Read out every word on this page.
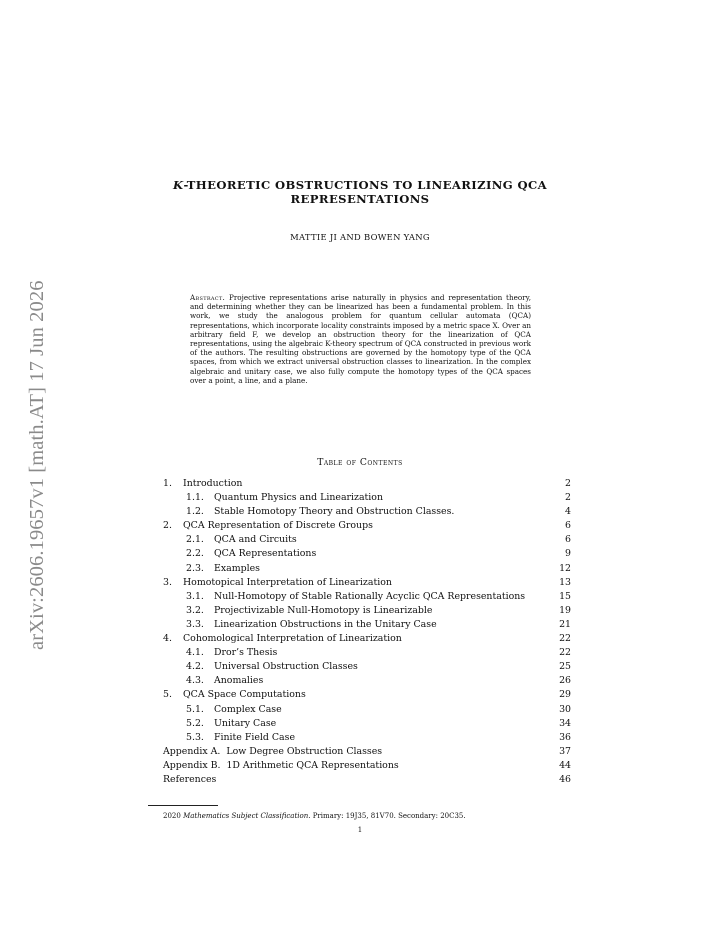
arXiv:2606.19657v1 [math.AT] 17 Jun 2026
K-THEORETIC OBSTRUCTIONS TO LINEARIZING QCA
REPRESENTATIONS
MATTIE JI AND BOWEN YANG
Abstract. Projective representations arise naturally in physics and representation theory, and determining whether they can be linearized has been a fundamental problem. In this work, we study the analogous problem for quantum cellular automata (QCA) representations, which incorporate locality constraints imposed by a metric space X. Over an arbitrary field F, we develop an obstruction theory for the linearization of QCA representations, using the algebraic K-theory spectrum of QCA constructed in previous work of the authors. The resulting obstructions are governed by the homotopy type of the QCA spaces, from which we extract universal obstruction classes to linearization. In the complex algebraic and unitary case, we also fully compute the homotopy types of the QCA spaces over a point, a line, and a plane.
Table of Contents
1. Introduction	2
1.1. Quantum Physics and Linearization	2
1.2. Stable Homotopy Theory and Obstruction Classes.	4
2. QCA Representation of Discrete Groups	6
2.1. QCA and Circuits	6
2.2. QCA Representations	9
2.3. Examples	12
3. Homotopical Interpretation of Linearization	13
3.1. Null-Homotopy of Stable Rationally Acyclic QCA Representations	15
3.2. Projectivizable Null-Homotopy is Linearizable	19
3.3. Linearization Obstructions in the Unitary Case	21
4. Cohomological Interpretation of Linearization	22
4.1. Dror’s Thesis	22
4.2. Universal Obstruction Classes	25
4.3. Anomalies	26
5. QCA Space Computations	29
5.1. Complex Case	30
5.2. Unitary Case	34
5.3. Finite Field Case	36
Appendix A. Low Degree Obstruction Classes	37
Appendix B. 1D Arithmetic QCA Representations	44
References	46
2020 Mathematics Subject Classification. Primary: 19J35, 81V70. Secondary: 20C35.
1
